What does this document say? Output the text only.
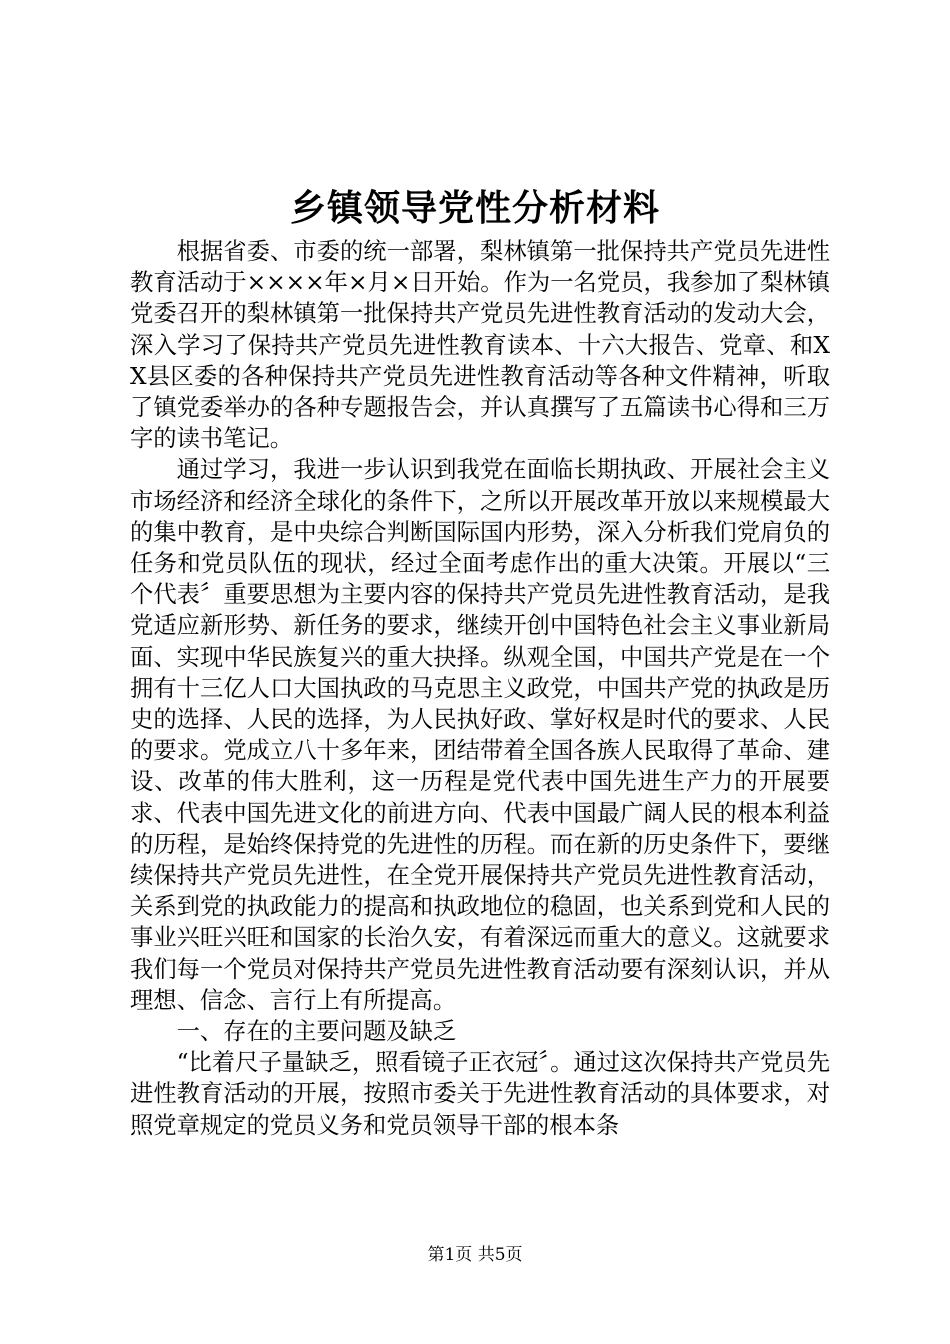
乡镇领导党性分析材料

根据省委、市委的统一部署，梨林镇第一批保持共产党员先进性教育活动于××××年×月×日开始。作为一名党员，我参加了梨林镇党委召开的梨林镇第一批保持共产党员先进性教育活动的发动大会，深入学习了保持共产党员先进性教育读本、十六大报告、党章、和XX县区委的各种保持共产党员先进性教育活动等各种文件精神，听取了镇党委举办的各种专题报告会，并认真撰写了五篇读书心得和三万字的读书笔记。

通过学习，我进一步认识到我党在面临长期执政、开展社会主义市场经济和经济全球化的条件下，之所以开展改革开放以来规模最大的集中教育，是中央综合判断国际国内形势，深入分析我们党肩负的任务和党员队伍的现状，经过全面考虑作出的重大决策。开展以“三个代表〞重要思想为主要内容的保持共产党员先进性教育活动，是我党适应新形势、新任务的要求，继续开创中国特色社会主义事业新局面、实现中华民族复兴的重大抉择。纵观全国，中国共产党是在一个拥有十三亿人口大国执政的马克思主义政党，中国共产党的执政是历史的选择、人民的选择，为人民执好政、掌好权是时代的要求、人民的要求。党成立八十多年来，团结带着全国各族人民取得了革命、建设、改革的伟大胜利，这一历程是党代表中国先进生产力的开展要求、代表中国先进文化的前进方向、代表中国最广阔人民的根本利益的历程，是始终保持党的先进性的历程。而在新的历史条件下，要继续保持共产党员先进性，在全党开展保持共产党员先进性教育活动，关系到党的执政能力的提高和执政地位的稳固，也关系到党和人民的事业兴旺兴旺和国家的长治久安，有着深远而重大的意义。这就要求我们每一个党员对保持共产党员先进性教育活动要有深刻认识，并从理想、信念、言行上有所提高。

一、存在的主要问题及缺乏

“比着尺子量缺乏，照看镜子正衣冠〞。通过这次保持共产党员先进性教育活动的开展，按照市委关于先进性教育活动的具体要求，对照党章规定的党员义务和党员领导干部的根本条

第1页 共5页
